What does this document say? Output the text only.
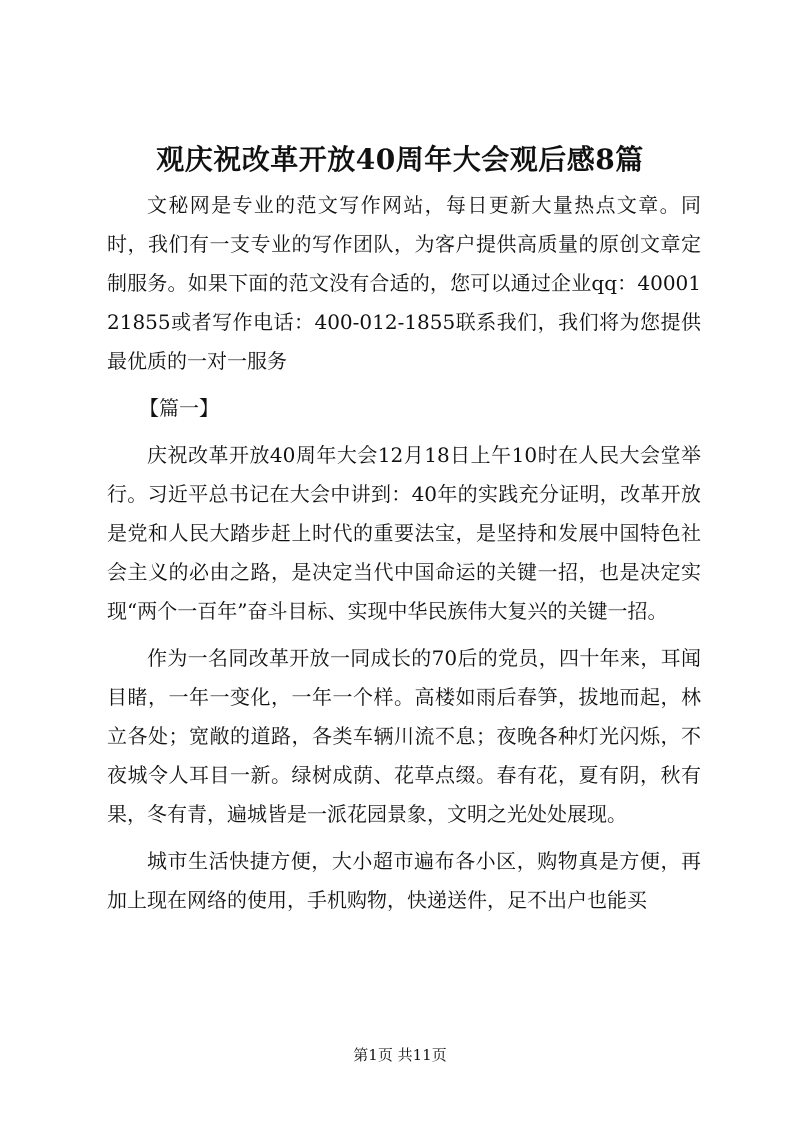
观庆祝改革开放40周年大会观后感8篇

文秘网是专业的范文写作网站，每日更新大量热点文章。同时，我们有一支专业的写作团队，为客户提供高质量的原创文章定制服务。如果下面的范文没有合适的，您可以通过企业qq：4000121855或者写作电话：400-012-1855联系我们，我们将为您提供最优质的一对一服务

【篇一】

庆祝改革开放40周年大会12月18日上午10时在人民大会堂举行。习近平总书记在大会中讲到：40年的实践充分证明，改革开放是党和人民大踏步赶上时代的重要法宝，是坚持和发展中国特色社会主义的必由之路，是决定当代中国命运的关键一招，也是决定实现“两个一百年”奋斗目标、实现中华民族伟大复兴的关键一招。

作为一名同改革开放一同成长的70后的党员，四十年来，耳闻目睹，一年一变化，一年一个样。高楼如雨后春笋，拔地而起，林立各处；宽敞的道路，各类车辆川流不息；夜晚各种灯光闪烁，不夜城令人耳目一新。绿树成荫、花草点缀。春有花，夏有阴，秋有果，冬有青，遍城皆是一派花园景象，文明之光处处展现。

城市生活快捷方便，大小超市遍布各小区，购物真是方便，再加上现在网络的使用，手机购物，快递送件，足不出户也能买

第1页 共11页
